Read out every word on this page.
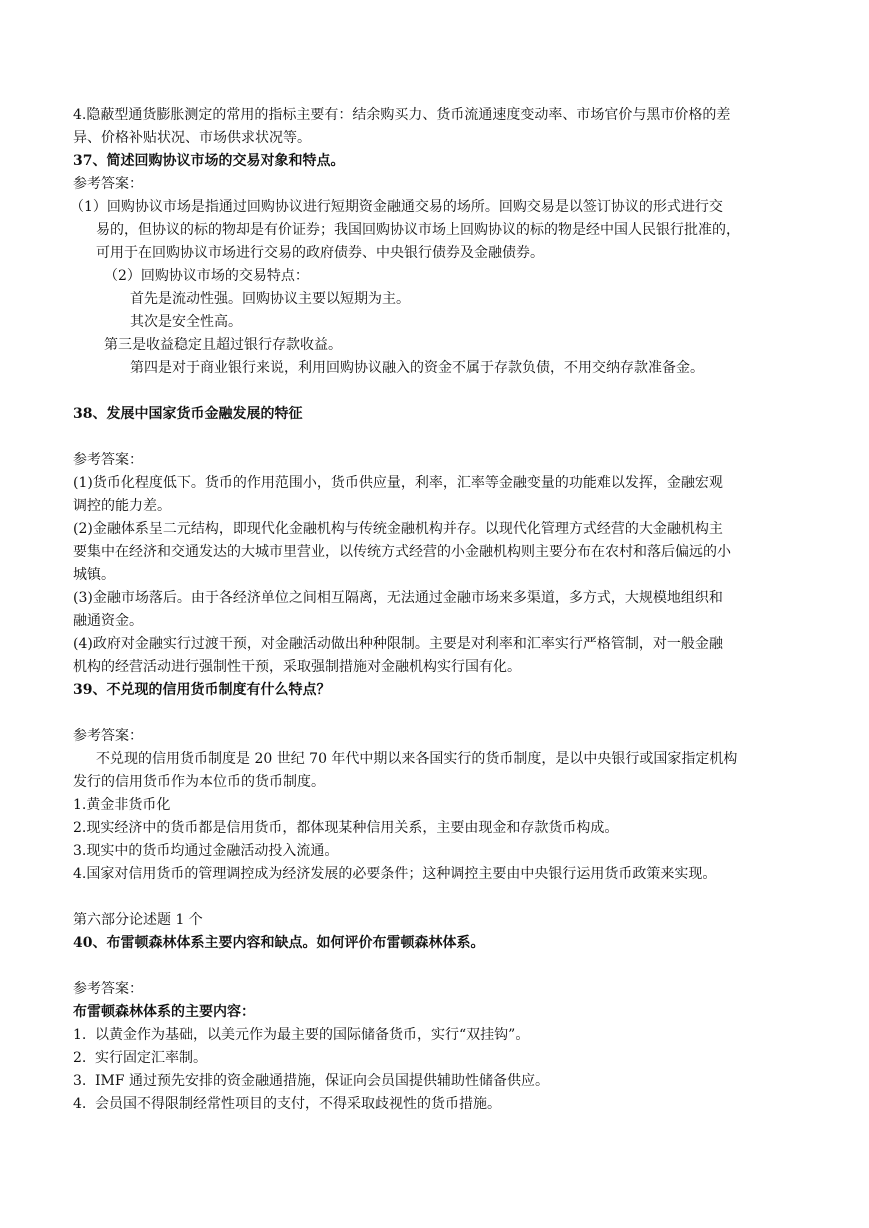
4.隐蔽型通货膨胀测定的常用的指标主要有：结余购买力、货币流通速度变动率、市场官价与黑市价格的差
异、价格补贴状况、市场供求状况等。
37、简述回购协议市场的交易对象和特点。
参考答案：
（1）回购协议市场是指通过回购协议进行短期资金融通交易的场所。回购交易是以签订协议的形式进行交
易的，但协议的标的物却是有价证券；我国回购协议市场上回购协议的标的物是经中国人民银行批准的，
可用于在回购协议市场进行交易的政府债券、中央银行债券及金融债券。
（2）回购协议市场的交易特点：
首先是流动性强。回购协议主要以短期为主。
其次是安全性高。
第三是收益稳定且超过银行存款收益。
第四是对于商业银行来说，利用回购协议融入的资金不属于存款负债，不用交纳存款准备金。
38、发展中国家货币金融发展的特征
参考答案：
(1)货币化程度低下。货币的作用范围小，货币供应量，利率，汇率等金融变量的功能难以发挥，金融宏观
调控的能力差。
(2)金融体系呈二元结构，即现代化金融机构与传统金融机构并存。以现代化管理方式经营的大金融机构主
要集中在经济和交通发达的大城市里营业，以传统方式经营的小金融机构则主要分布在农村和落后偏远的小
城镇。
(3)金融市场落后。由于各经济单位之间相互隔离，无法通过金融市场来多渠道，多方式，大规模地组织和
融通资金。
(4)政府对金融实行过渡干预，对金融活动做出种种限制。主要是对利率和汇率实行严格管制，对一般金融
机构的经营活动进行强制性干预，采取强制措施对金融机构实行国有化。
39、不兑现的信用货币制度有什么特点？
参考答案：
不兑现的信用货币制度是 20 世纪 70 年代中期以来各国实行的货币制度，是以中央银行或国家指定机构
发行的信用货币作为本位币的货币制度。
1.黄金非货币化
2.现实经济中的货币都是信用货币，都体现某种信用关系，主要由现金和存款货币构成。
3.现实中的货币均通过金融活动投入流通。
4.国家对信用货币的管理调控成为经济发展的必要条件；这种调控主要由中央银行运用货币政策来实现。
第六部分论述题 1 个
40、布雷顿森林体系主要内容和缺点。如何评价布雷顿森林体系。
参考答案：
布雷顿森林体系的主要内容：
1. 以黄金作为基础，以美元作为最主要的国际储备货币，实行“双挂钩”。
2. 实行固定汇率制。
3. IMF 通过预先安排的资金融通措施，保证向会员国提供辅助性储备供应。
4. 会员国不得限制经常性项目的支付，不得采取歧视性的货币措施。
